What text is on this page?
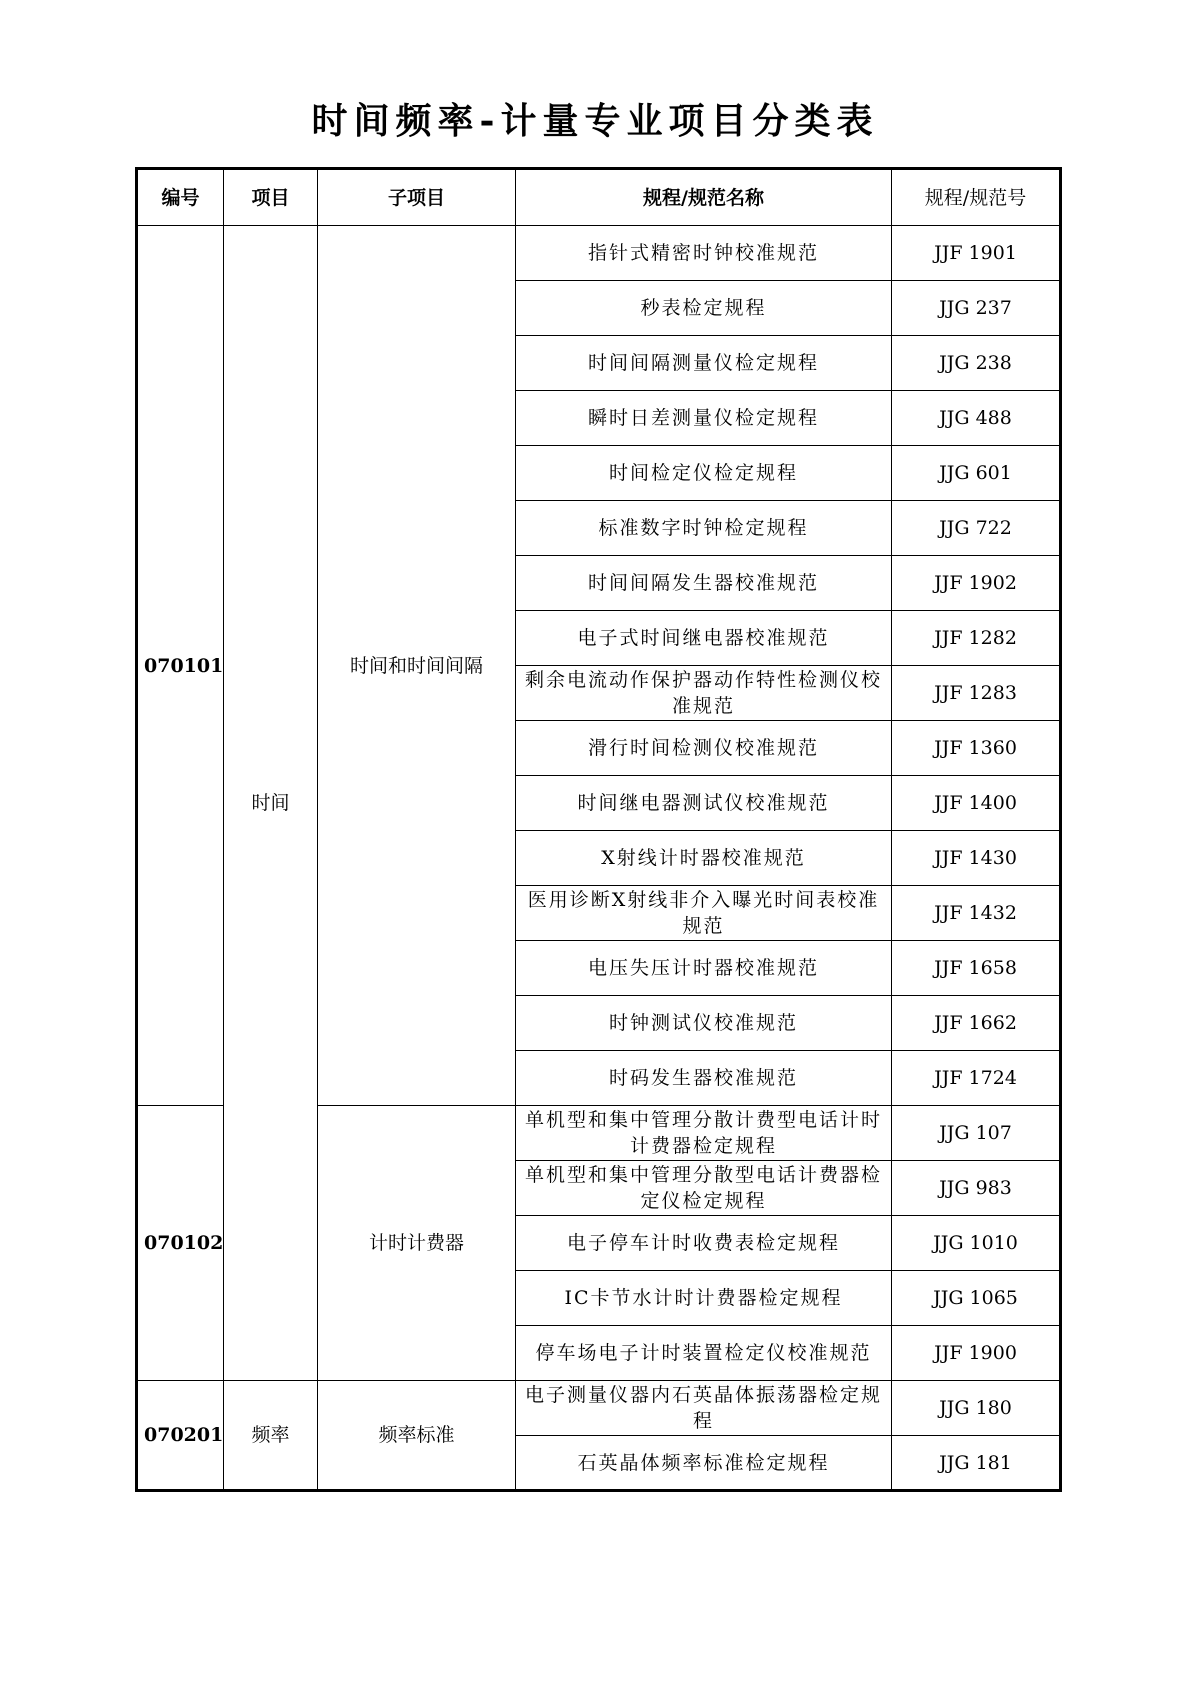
时间频率-计量专业项目分类表
编号	项目	子项目	规程/规范名称	规程/规范号
070101	时间	时间和时间间隔	指针式精密时钟校准规范	JJF 1901
			秒表检定规程	JJG 237
			时间间隔测量仪检定规程	JJG 238
			瞬时日差测量仪检定规程	JJG 488
			时间检定仪检定规程	JJG 601
			标准数字时钟检定规程	JJG 722
			时间间隔发生器校准规范	JJF 1902
			电子式时间继电器校准规范	JJF 1282
			剩余电流动作保护器动作特性检测仪校准规范	JJF 1283
			滑行时间检测仪校准规范	JJF 1360
			时间继电器测试仪校准规范	JJF 1400
			X射线计时器校准规范	JJF 1430
			医用诊断X射线非介入曝光时间表校准规范	JJF 1432
			电压失压计时器校准规范	JJF 1658
			时钟测试仪校准规范	JJF 1662
			时码发生器校准规范	JJF 1724
070102		计时计费器	单机型和集中管理分散计费型电话计时计费器检定规程	JJG 107
			单机型和集中管理分散型电话计费器检定仪检定规程	JJG 983
			电子停车计时收费表检定规程	JJG 1010
			IC卡节水计时计费器检定规程	JJG 1065
			停车场电子计时装置检定仪校准规范	JJF 1900
070201	频率	频率标准	电子测量仪器内石英晶体振荡器检定规程	JJG 180
			石英晶体频率标准检定规程	JJG 181
